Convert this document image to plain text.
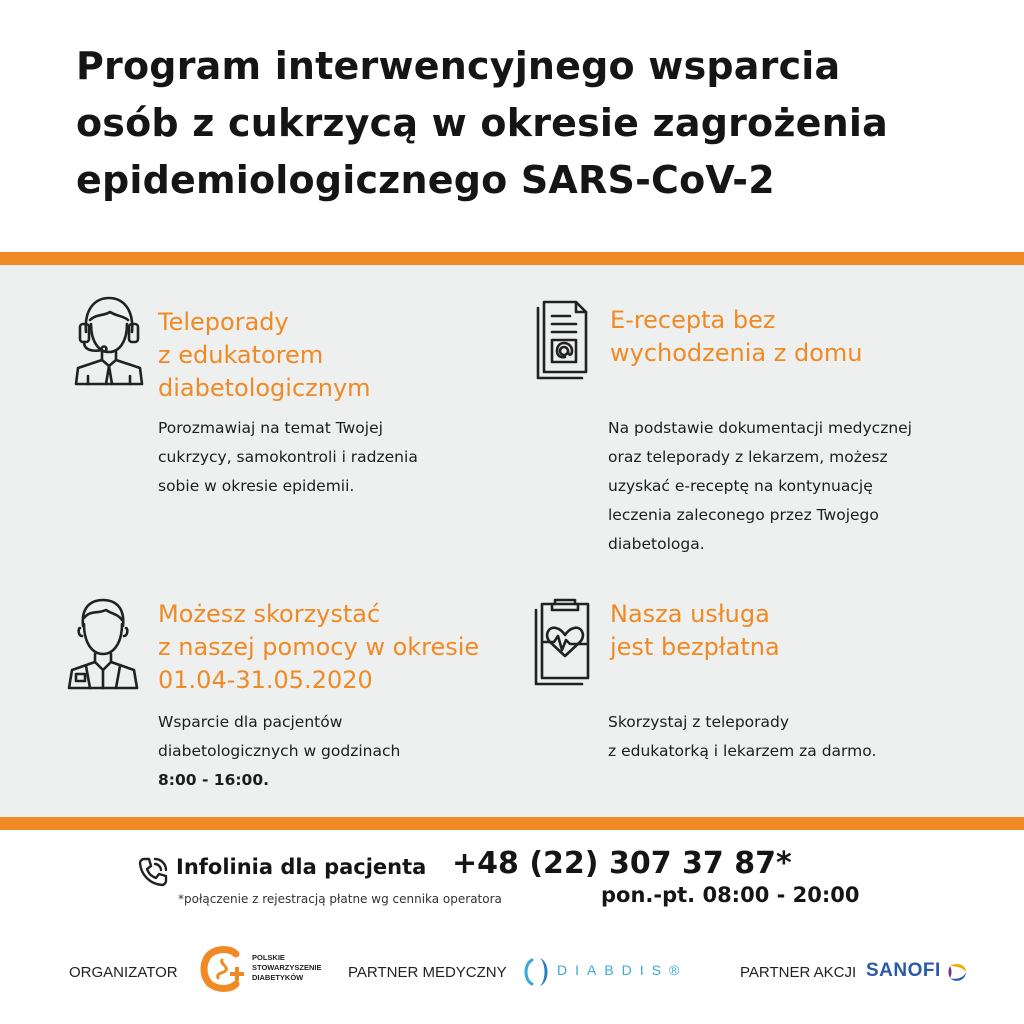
Program interwencyjnego wsparcia
osób z cukrzycą w okresie zagrożenia
epidemiologicznego SARS-CoV-2
Teleporady
z edukatorem
diabetologicznym
Porozmawiaj na temat Twojej
cukrzycy, samokontroli i radzenia
sobie w okresie epidemii.
E-recepta bez
wychodzenia z domu
Na podstawie dokumentacji medycznej
oraz teleporady z lekarzem, możesz
uzyskać e-receptę na kontynuację
leczenia zaleconego przez Twojego
diabetologa.
Możesz skorzystać
z naszej pomocy w okresie
01.04-31.05.2020
Wsparcie dla pacjentów
diabetologicznych w godzinach
8:00 - 16:00.
Nasza usługa
jest bezpłatna
Skorzystaj z teleporady
z edukatorką i lekarzem za darmo.
Infolinia dla pacjenta +48 (22) 307 37 87*
*połączenie z rejestracją płatne wg cennika operatora	pon.-pt. 08:00 - 20:00
ORGANIZATOR
POLSKIE
STOWARZYSZENIE
DIABETYKÓW	PARTNER MEDYCZNY	DIABDIS®	PARTNER AKCJI SANOFI
